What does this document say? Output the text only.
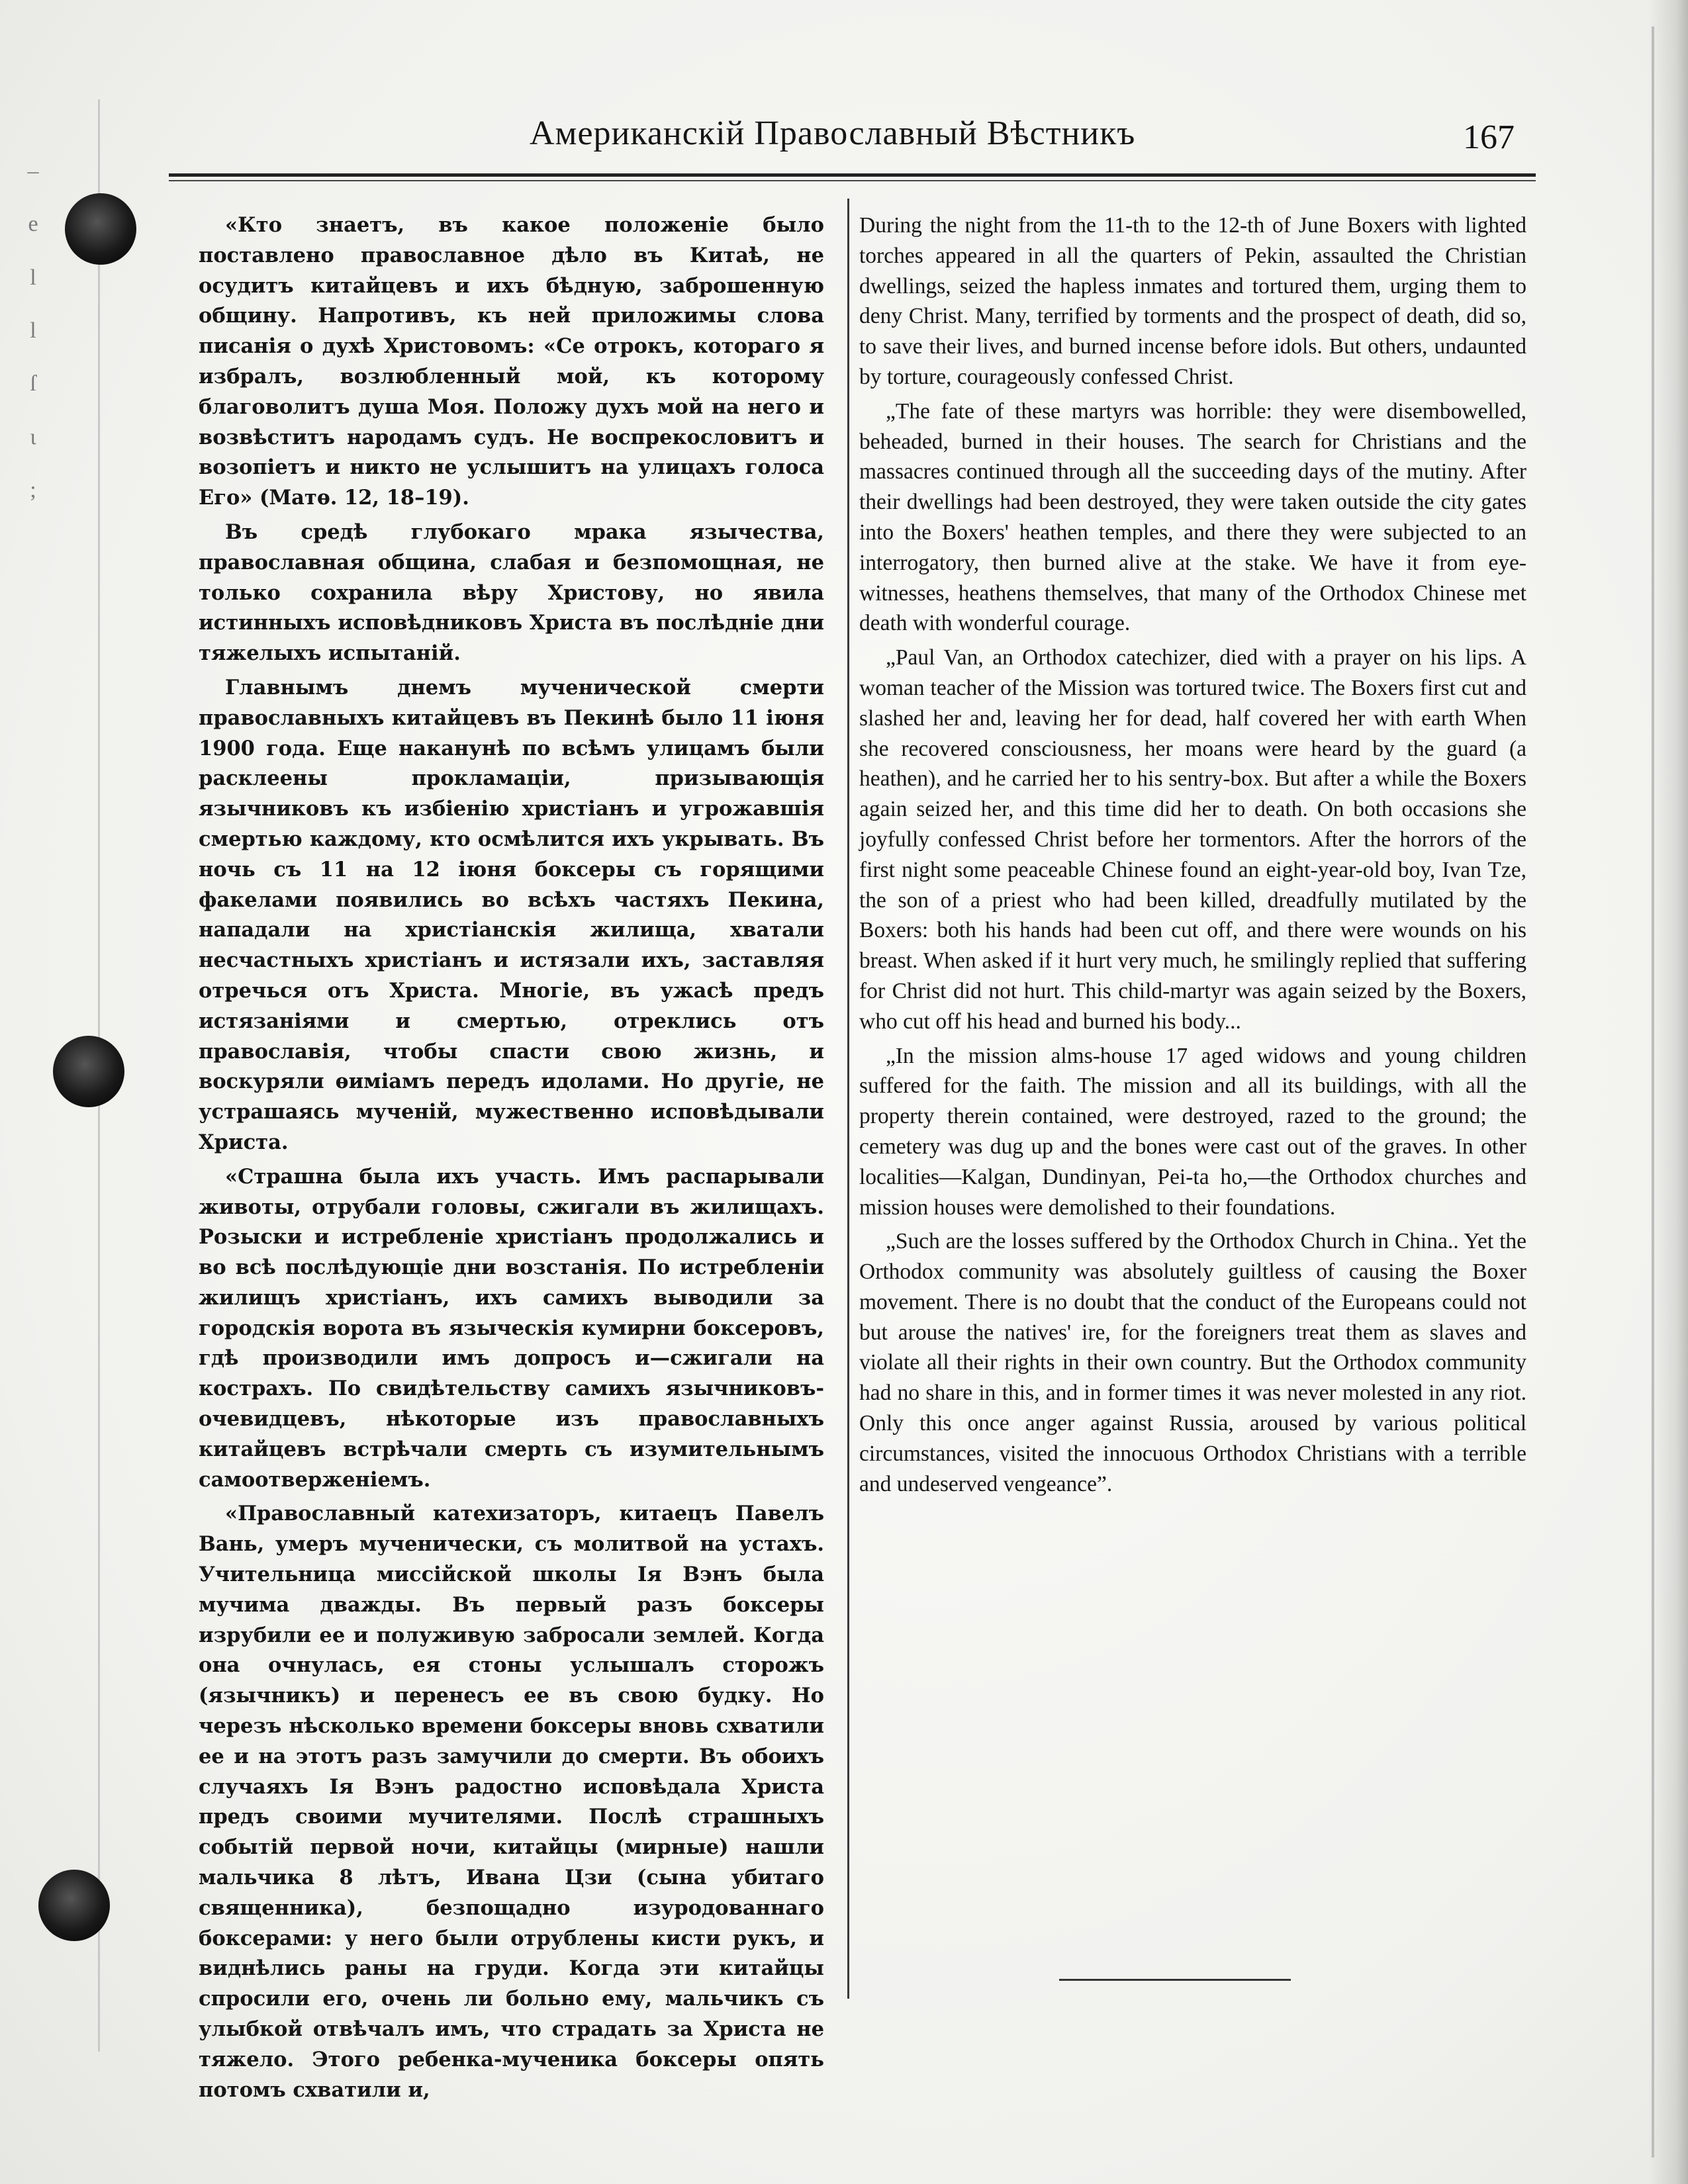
–
е
l
l
ſ
ι
;
Американскій Православный Вѣстникъ	167

«Кто знаетъ, въ какое положеніе было поставлено православное дѣло въ Китаѣ, не осудитъ китайцевъ и ихъ бѣдную, заброшенную общину. Напротивъ, къ ней приложимы слова писанія о духѣ Христовомъ: «Се отрокъ, котораго я избралъ, возлюбленный мой, къ которому благоволитъ душа Моя. Положу духъ мой на него и возвѣститъ народамъ судъ. Не воспрекословитъ и возопіетъ и никто не услышитъ на улицахъ голоса Его» (Матѳ. 12, 18–19).

Въ средѣ глубокаго мрака язычества, православная община, слабая и безпомощная, не только сохранила вѣру Христову, но явила истинныхъ исповѣдниковъ Христа въ послѣдніе дни тяжелыхъ испытаній.

Главнымъ днемъ мученической смерти православныхъ китайцевъ въ Пекинѣ было 11 іюня 1900 года. Еще наканунѣ по всѣмъ улицамъ были расклеены прокламаціи, призывающія язычниковъ къ избіенію христіанъ и угрожавшія смертью каждому, кто осмѣлится ихъ укрывать. Въ ночь съ 11 на 12 іюня боксеры съ горящими факелами появились во всѣхъ частяхъ Пекина, нападали на христіанскія жилища, хватали несчастныхъ христіанъ и истязали ихъ, заставляя отречься отъ Христа. Многіе, въ ужасѣ предъ истязаніями и смертью, отреклись отъ православія, чтобы спасти свою жизнь, и воскуряли ѳиміамъ передъ идолами. Но другіе, не устрашаясь мученій, мужественно исповѣдывали Христа.

«Страшна была ихъ участь. Имъ распарывали животы, отрубали головы, сжигали въ жилищахъ. Розыски и истребленіе христіанъ продолжались и во всѣ послѣдующіе дни возстанія. По истребленіи жилищъ христіанъ, ихъ самихъ выводили за городскія ворота въ языческія кумирни боксеровъ, гдѣ производили имъ допросъ и—сжигали на кострахъ. По свидѣтельству самихъ язычниковъ-очевидцевъ, нѣкоторые изъ православныхъ китайцевъ встрѣчали смерть съ изумительнымъ самоотверженіемъ.

«Православный катехизаторъ, китаецъ Павелъ Вань, умеръ мученически, съ молитвой на устахъ. Учительница миссійской школы Ія Вэнъ была мучима дважды. Въ первый разъ боксеры изрубили ее и полуживую забросали землей. Когда она очнулась, ея стоны услышалъ сторожъ (язычникъ) и перенесъ ее въ свою будку. Но черезъ нѣсколько времени боксеры вновь схватили ее и на этотъ разъ замучили до смерти. Въ обоихъ случаяхъ Ія Вэнъ радостно исповѣдала Христа предъ своими мучителями. Послѣ страшныхъ событій первой ночи, китайцы (мирные) нашли мальчика 8 лѣтъ, Ивана Цзи (сына убитаго священника), безпощадно изуродованнаго боксерами: у него были отрублены кисти рукъ, и виднѣлись раны на груди. Когда эти китайцы спросили его, очень ли больно ему, мальчикъ съ улыбкой отвѣчалъ имъ, что страдать за Христа не тяжело. Этого ребенка-мученика боксеры опять потомъ схватили и,

During the night from the 11-th to the 12-th of June Boxers with lighted torches appeared in all the quarters of Pekin, assaulted the Christian dwellings, seized the hapless inmates and tortured them, urging them to deny Christ. Many, terrified by torments and the prospect of death, did so, to save their lives, and burned incense before idols. But others, undaunted by torture, courageously confessed Christ.

„The fate of these martyrs was horrible: they were disembowelled, beheaded, burned in their houses. The search for Christians and the massacres continued through all the succeeding days of the mutiny. After their dwellings had been destroyed, they were taken outside the city gates into the Boxers' heathen temples, and there they were subjected to an interrogatory, then burned alive at the stake. We have it from eye-witnesses, heathens themselves, that many of the Orthodox Chinese met death with wonderful courage.

„Paul Van, an Orthodox catechizer, died with a prayer on his lips. A woman teacher of the Mission was tortured twice. The Boxers first cut and slashed her and, leaving her for dead, half covered her with earth When she recovered consciousness, her moans were heard by the guard (a heathen), and he carried her to his sentry-box. But after a while the Boxers again seized her, and this time did her to death. On both occasions she joyfully confessed Christ before her tormentors. After the horrors of the first night some peaceable Chinese found an eight-year-old boy, Ivan Tze, the son of a priest who had been killed, dreadfully mutilated by the Boxers: both his hands had been cut off, and there were wounds on his breast. When asked if it hurt very much, he smilingly replied that suffering for Christ did not hurt. This child-martyr was again seized by the Boxers, who cut off his head and burned his body...

„In the mission alms-house 17 aged widows and young children suffered for the faith. The mission and all its buildings, with all the property therein contained, were destroyed, razed to the ground; the cemetery was dug up and the bones were cast out of the graves. In other localities—Kalgan, Dundinyan, Pei-ta ho,—the Orthodox churches and mission houses were demolished to their foundations.

„Such are the losses suffered by the Orthodox Church in China.. Yet the Orthodox community was absolutely guiltless of causing the Boxer movement. There is no doubt that the conduct of the Europeans could not but arouse the natives' ire, for the foreigners treat them as slaves and violate all their rights in their own country. But the Orthodox community had no share in this, and in former times it was never molested in any riot. Only this once anger against Russia, aroused by various political circumstances, visited the innocuous Orthodox Christians with a terrible and undeserved vengeance”.
